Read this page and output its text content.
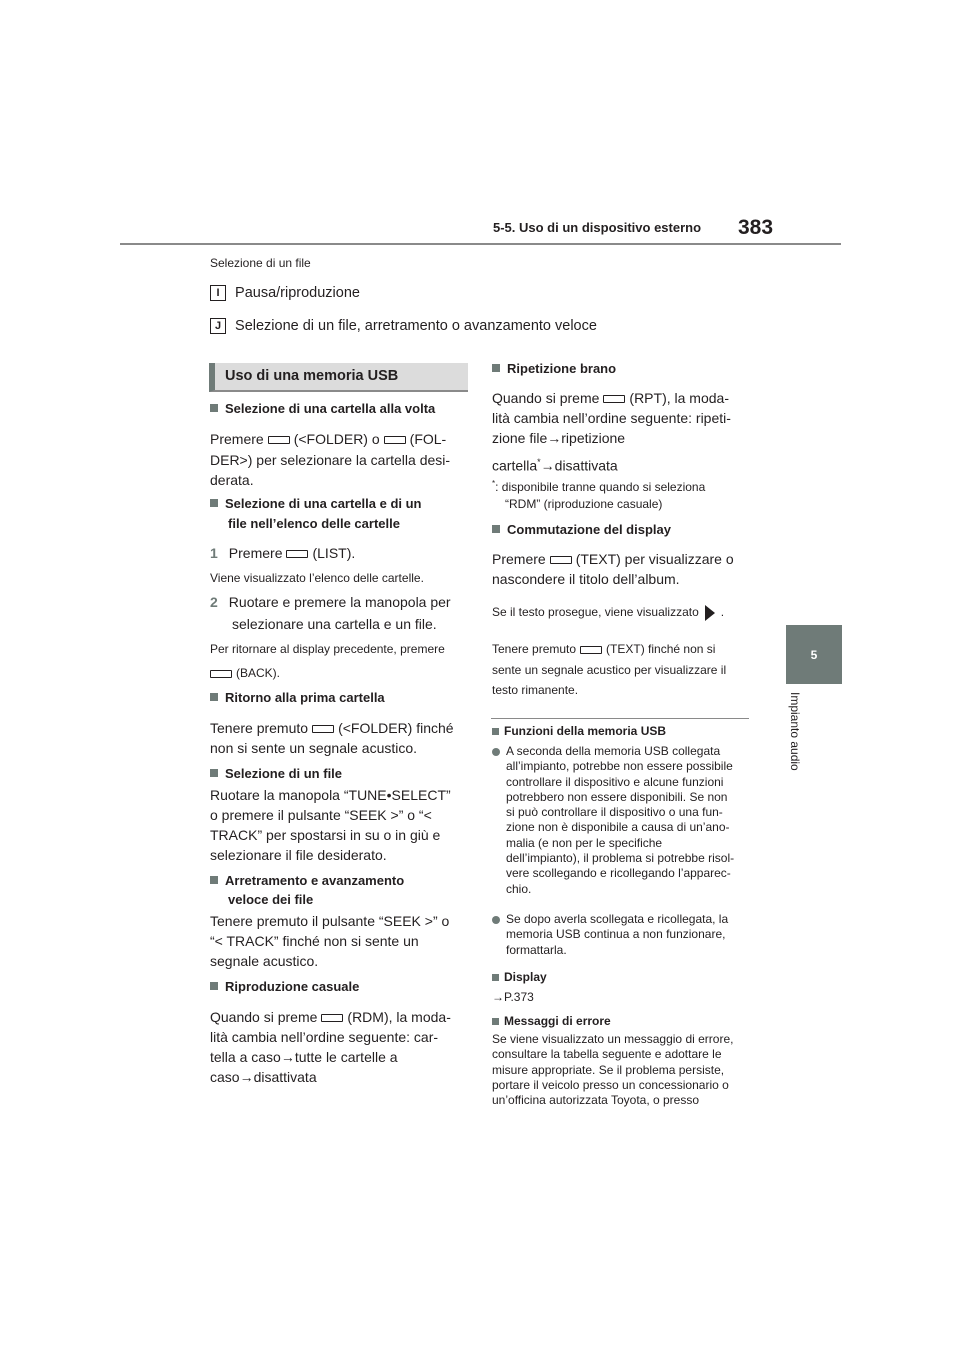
5-5. Uso di un dispositivo esterno 383
5
Impianto audio
Selezione di un file
I Pausa/riproduzione
J Selezione di un file, arretramento o avanzamento veloce
Uso di una memoria USB
Selezione di una cartella alla volta
Premere (<FOLDER) o (FOL-
DER>) per selezionare la cartella desi-
derata.
Selezione di una cartella e di un
file nell’elenco delle cartelle
1 Premere (LIST).
Viene visualizzato l’elenco delle cartelle.
2 Ruotare e premere la manopola per
selezionare una cartella e un file.
Per ritornare al display precedente, premere
(BACK).
Ritorno alla prima cartella
Tenere premuto (<FOLDER) finché
non si sente un segnale acustico.
Selezione di un file
Ruotare la manopola “TUNE•SELECT”
o premere il pulsante “SEEK >” o “<
TRACK” per spostarsi in su o in giù e
selezionare il file desiderato.
Arretramento e avanzamento
veloce dei file
Tenere premuto il pulsante “SEEK >” o
“< TRACK” finché non si sente un
segnale acustico.
Riproduzione casuale
Quando si preme (RDM), la moda-
lità cambia nell’ordine seguente: car-
tella a caso→tutte le cartelle a
caso→disattivata
Ripetizione brano
Quando si preme (RPT), la moda-
lità cambia nell’ordine seguente: ripeti-
zione file→ripetizione
cartella*→disattivata
*: disponibile tranne quando si seleziona
“RDM” (riproduzione casuale)
Commutazione del display
Premere (TEXT) per visualizzare o
nascondere il titolo dell’album.
Se il testo prosegue, viene visualizzato .
Tenere premuto	(TEXT) finché non si
sente un segnale acustico per visualizzare il
testo rimanente.
Funzioni della memoria USB
A seconda della memoria USB collegata
all’impianto, potrebbe non essere possibile
controllare il dispositivo e alcune funzioni
potrebbero non essere disponibili. Se non
si può controllare il dispositivo o una fun-
zione non è disponibile a causa di un’ano-
malia (e non per le specifiche
dell’impianto), il problema si potrebbe risol-
vere scollegando e ricollegando l’apparec-
chio.
Se dopo averla scollegata e ricollegata, la
memoria USB continua a non funzionare,
formattarla.
Display
→P.373
Messaggi di errore
Se viene visualizzato un messaggio di errore,
consultare la tabella seguente e adottare le
misure appropriate. Se il problema persiste,
portare il veicolo presso un concessionario o
un’officina autorizzata Toyota, o presso
